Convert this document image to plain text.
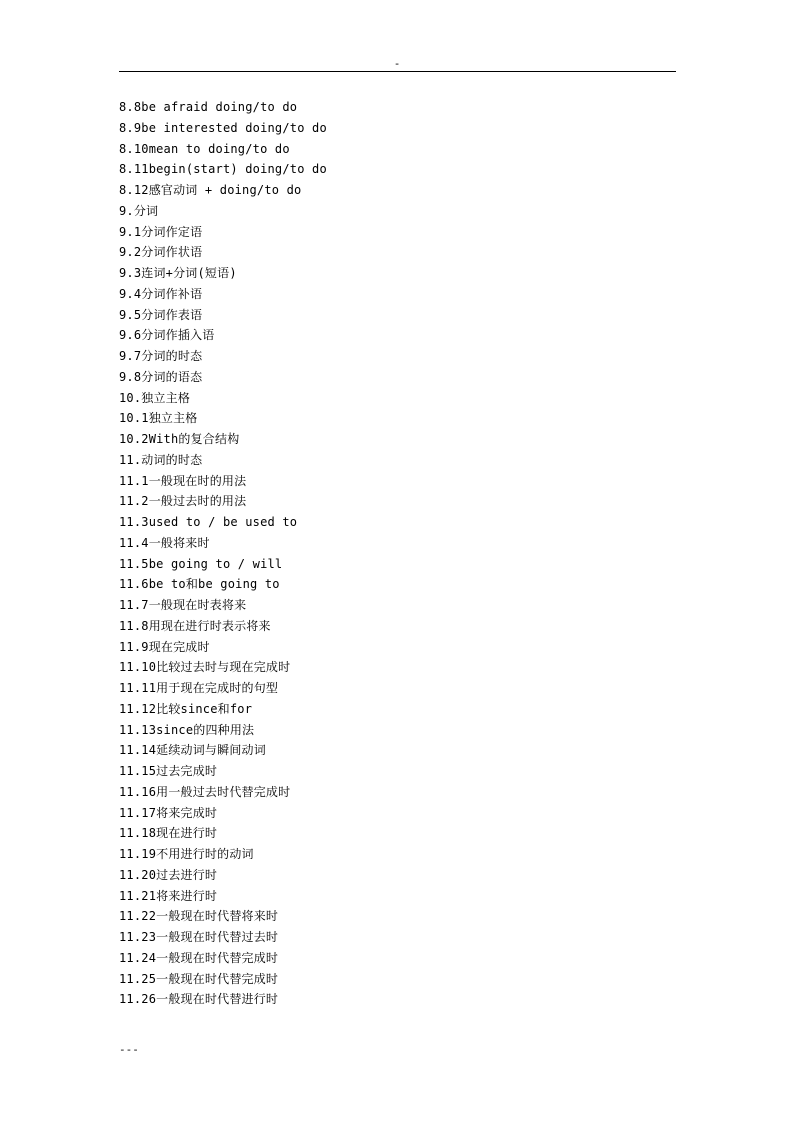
-
8.8be afraid doing/to do
8.9be interested doing/to do
8.10mean to doing/to do
8.11begin(start) doing/to do
8.12感官动词 + doing/to do
9.分词
9.1分词作定语
9.2分词作状语
9.3连词+分词(短语)
9.4分词作补语
9.5分词作表语
9.6分词作插入语
9.7分词的时态
9.8分词的语态
10.独立主格
10.1独立主格
10.2With的复合结构
11.动词的时态
11.1一般现在时的用法
11.2一般过去时的用法
11.3used to / be used to
11.4一般将来时
11.5be going to / will
11.6be to和be going to
11.7一般现在时表将来
11.8用现在进行时表示将来
11.9现在完成时
11.10比较过去时与现在完成时
11.11用于现在完成时的句型
11.12比较since和for
11.13since的四种用法
11.14延续动词与瞬间动词
11.15过去完成时
11.16用一般过去时代替完成时
11.17将来完成时
11.18现在进行时
11.19不用进行时的动词
11.20过去进行时
11.21将来进行时
11.22一般现在时代替将来时
11.23一般现在时代替过去时
11.24一般现在时代替完成时
11.25一般现在时代替完成时
11.26一般现在时代替进行时
---
